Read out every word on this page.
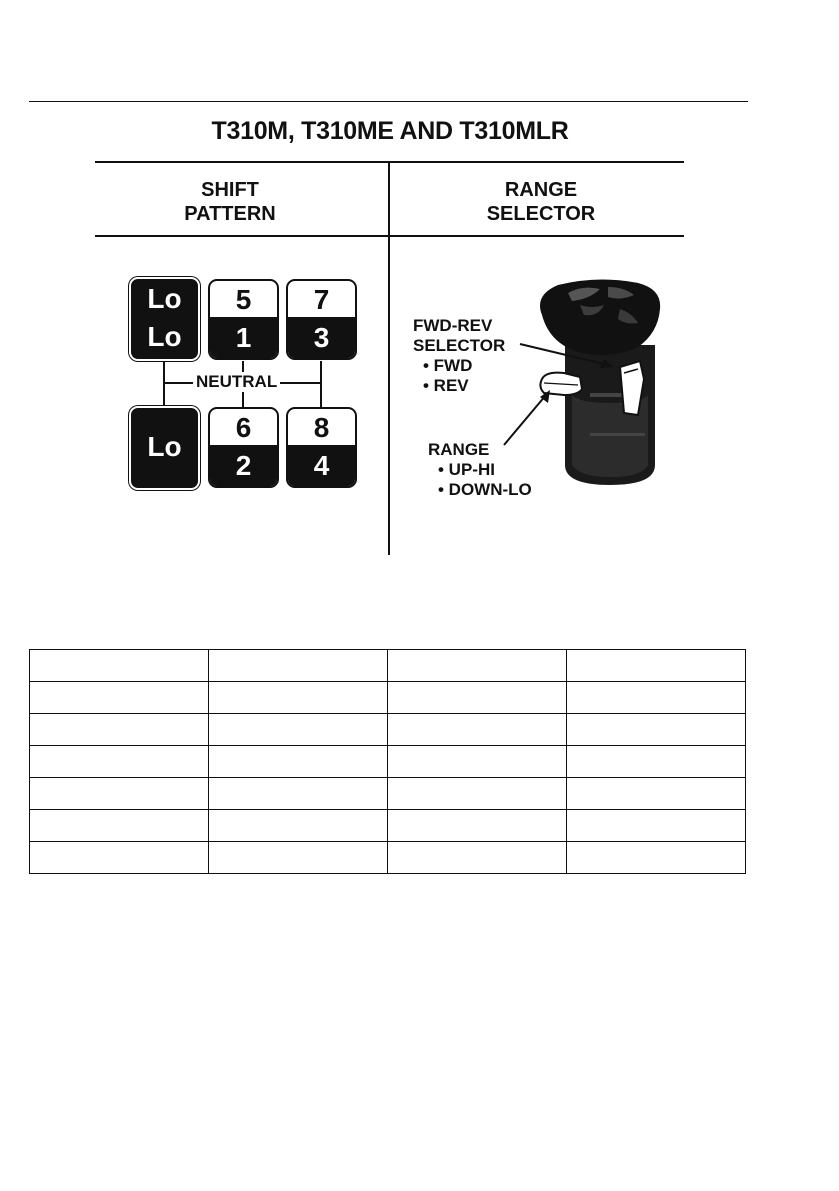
T310M, T310ME AND T310MLR
SHIFT
PATTERN
RANGE
SELECTOR
NEUTRAL
Lo
Lo
Lo
5
1
7
3
6
2
8
4
FWD-REV
SELECTOR
• FWD
• REV
RANGE
• UP-HI
• DOWN-LO
